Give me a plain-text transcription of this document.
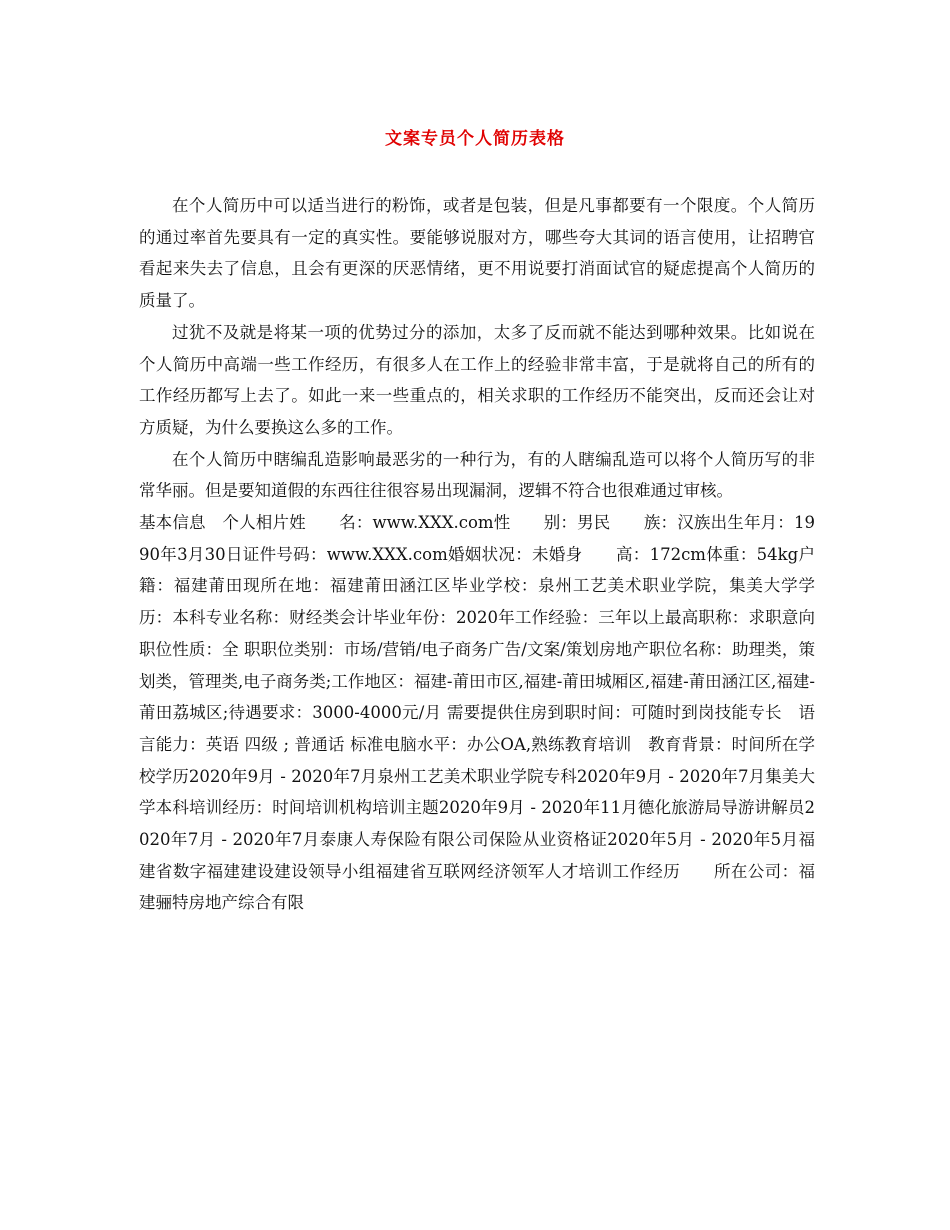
文案专员个人简历表格

在个人简历中可以适当进行的粉饰，或者是包装，但是凡事都要有一个限度。个人简历的通过率首先要具有一定的真实性。要能够说服对方，哪些夸大其词的语言使用，让招聘官看起来失去了信息，且会有更深的厌恶情绪，更不用说要打消面试官的疑虑提高个人简历的质量了。

过犹不及就是将某一项的优势过分的添加，太多了反而就不能达到哪种效果。比如说在个人简历中高端一些工作经历，有很多人在工作上的经验非常丰富，于是就将自己的所有的工作经历都写上去了。如此一来一些重点的，相关求职的工作经历不能突出，反而还会让对方质疑，为什么要换这么多的工作。

在个人简历中瞎编乱造影响最恶劣的一种行为，有的人瞎编乱造可以将个人简历写的非常华丽。但是要知道假的东西往往很容易出现漏洞，逻辑不符合也很难通过审核。

基本信息　个人相片姓　　名：www.XXX.com性　　别：男民　　族：汉族出生年月：1990年3月30日证件号码：www.XXX.com婚姻状况：未婚身　　高：172cm体重：54kg户　　籍：福建莆田现所在地：福建莆田涵江区毕业学校：泉州工艺美术职业学院，集美大学学　　历：本科专业名称：财经类会计毕业年份：2020年工作经验：三年以上最高职称：求职意向　职位性质：全 职职位类别：市场/营销/电子商务广告/文案/策划房地产职位名称：助理类，策划类，管理类,电子商务类;工作地区：福建-莆田市区,福建-莆田城厢区,福建-莆田涵江区,福建-莆田荔城区;待遇要求：3000-4000元/月 需要提供住房到职时间：可随时到岗技能专长　语言能力：英语 四级 ; 普通话 标准电脑水平：办公OA,熟练教育培训　教育背景：时间所在学校学历2020年9月 - 2020年7月泉州工艺美术职业学院专科2020年9月 - 2020年7月集美大学本科培训经历：时间培训机构培训主题2020年9月 - 2020年11月德化旅游局导游讲解员2020年7月 - 2020年7月泰康人寿保险有限公司保险从业资格证2020年5月 - 2020年5月福建省数字福建建设建设领导小组福建省互联网经济领军人才培训工作经历　　所在公司：福建骊特房地产综合有限
